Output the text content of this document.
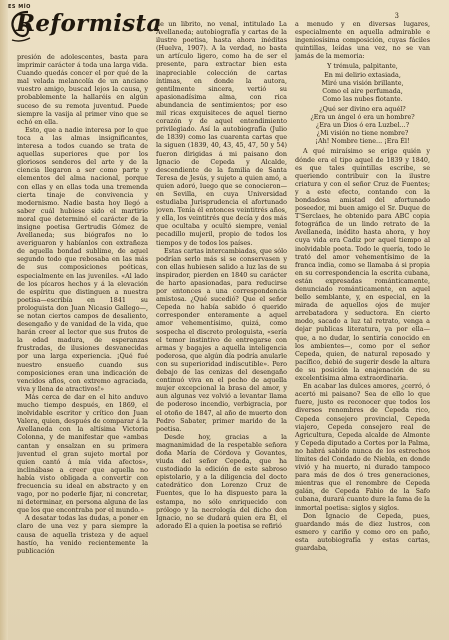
ES MÍO
Reformista	3

presión de adolescentes, basta para imprimir carácter á toda una larga vida. Cuando quedás concer el por qué de la mal velada melancolía de un anciano vuestro amigo, buscad lejos la causa, y probablemente la hallaréis en algún suceso de su remota juventud. Puede siempre la vasija al primer vino que se echó en ella.

Esto, que a nadie interesa por lo que toca a las almas insignificantes, interesa a todos cuando se trata de aquellas superiores que por los gloriosos senderos del arte y de la ciencia llegaron a ser como parte y elementos del alma nacional, porque con ellas y en ellas toda una tremenda cierta tinaje de convivencia y modernismo. Nadie basta hoy llegó a saber cuál hubiese sido el martirio moral que determinó el carácter de la insigne poetisa Gertrudis Gómez de Avellaneda; sus biógrafos no lo averiguaron y habíanlos con extrañeza de aquella bondad sublime, de aquel segundo todo que rebosaba en las más de sus composiciones poéticas, especialmente en las juveniles. «Al lado de los pícaros hechos y á la elevación de espíritu que distinguen a nuestra poetisa—escribía en 1841 su prologuista don Juan Nicasio Gallego—, se notan ciertos campos de desaliento, desengaño y de vanidad de la vida, que harán creer al lector que sus frutos de la edad madura, de esperanzas frustradas, de ilusiones desvanecidas por una larga experiencia. ¡Qué fué nuestro ensueño cuando sus composiciones eran una indicación de vencidos afios, con extremo agraciada, viva y llena de atractivos!»

Más cerca de dar en el hito anduvo mucho tiempo después, en 1869, el inolvidable escritor y crítico don Juan Valera, quien, después de comparar á la Avellaneda con la altísima Victoria Colonna, y de manifestar que «ambas cantan y ensalzan en su primera juventud el gran sujeto mortal por quien cantó á mía vida afectos», inclinábase a creer que aquella no había visto obligada a convertir con frecuencia su ideal en abstracto y en vago, por no poderle fijar, ni concretar, ni determinar, en persona alguna de las que los que encontraba por el mundo.»

A desatar todas las dudas, a poner en claro de una vez y para siempre la causa de aquella tristeza y de aquel hastío, ha venido recientemente la publicación

de un librito, no venal, intitulado La Avellaneda; autobiografía y cartas de la ilustre poetisa, hasta ahora inéditas (Huelva, 1907). A la verdad, no basta un artículo ligero, como ha de ser el presente, para extractar bien esta inapreciable colección de cartas íntimas, en donde la autora, gentilmente sincera, vertió su apasionadísima alma, con rica abundancia de sentimientos; por eso mil ricas exquisiteces de aquel tierno corazón y de aquel entendimiento privilegiado. Así la autobiografía (Julio de 1839) como las cuarenta cartas que la siguen (1839, 40, 43, 45, 47, 50 y 54) fueron dirigidas á mi paisano don Ignacio de Cepeda y Alcalde, descendiente de la familia de Santa Teresa de Jesús, y sujeto a quien amó, a quien adoró, luego que se conocieron—en Sevilla, en cuya Universidad estudiaba Jurisprudencia el afortunado joven. Tenía él entonces veintitrés años, y ella, los veintitrés que decía y dos más que ocultaba y ocultó siempre, venial pecadillo mujeril, propio de todos los tiempos y de todos los países.

Estas cartas intercambiadas, que sólo podrían serlo más si se conservasen y con ellas hubiesen salido a luz las de su inspirador, pierden en 1840 su carácter de harto apasionadas, para reducirse por entonces a una correspondencia amistosa. ¿Qué sucedió? Que el señor Cepeda no había sabido ó querido corresponder enteramente a aquel amor vehementísimo, quizá, como sospecha el discreto prologuista, «sería el temor instintivo de entregarse con armas y bagajes a aquella inteligencia poderosa, que algún día podría anularle con su superioridad indiscutible». Pero debajo de las cenizas del desengaño continuó viva en el pecho de aquella mujer excepcional la brasa del amor, y aun algunas vez volvió a levantar llama de poderoso incendio, verbigracia, por el otoño de 1847, al año de muerto don Pedro Sabater, primer marido de la poetisa.

Desde hoy, gracias a la magnanimidad de la respetable señora doña María de Córdova y Govantes, viuda del señor Cepeda, que ha custodiado la edición de este sabroso epistolario, y a la diligencia del docto catedrático don Lorenzo Cruz de Fuentes, que lo ha dispuesto para la estampa, no sólo enriquecido con prólogo y la necrología del dicho don Ignacio, no se dudará quien era Él, el adorado Él a quien la poetisa se refirió

a menudo y en diversas lugares, especialmente en aquella admirable e ingeniosísima composición, cuyas fáciles quintillas, leídas una vez, no se van jamás de la memoria:

Y trémula, palpitante,

En mi delirio extasiada,

Miré una visión brillante,

Como el aire perfumada,

Como las nubes flotante.

¿Qué ser divino era aquél?

¿Era un ángel ó era un hombre?

¿Era un Dios ó era Luzbel...?

¿Mi visión no tiene nombre?

¡Ah! Nombre tiene... ¡Era Él!

A qué miraísimo se erige quién y dónde era el tipo aquel de 1839 y 1840, es que tales quintillas escribe, se queriendo contribuir con la ilustre criatura y con el señor Cruz de Fuentes; y a este efecto, contando con la bondadosa amistad del afortunado poseedor, mi buen amigo el Sr. Duque de T'Serclaes, he obtenido para ABC copia fotográfica de un lindo retrato de la Avellaneda, inédito hasta ahora, y hoy cuya vida era Cadiz por aquel tiempo al inolvidable poeta. Todo le quería, todo le trató del amor vehementísimo de la franca india, como se llamaba á si propia en su correspondencia la escrita cubana, están expresadas románticamente, denunciado románticamente, en aquel bello semblante, y, en especial, en la mirada de aquellos ojos de mujer arrebatadora y seductora. En cierto modo, sacado a luz tal retrato, venga a dejar publicas literatura, ya por ella—que, a no dudar, lo sentiría conocido en los ambientes—, como por el señor Cepeda, quien, de natural reposado y pacífico, debió de sugerir desde la altura de su posición la enajenación de su excelentísima alma extraordinaria.

En acabar las dulces amores, ¿cerró, ó acertó mi paisano? Sea de ello lo que fuere, justo es reconocer que todos los diversos renombres de Cepeda rico, Cepeda consejero provincial, Cepeda viajero, Cepeda consejero real de Agricultura, Cepeda alcalde de Almonte y Cepeda diputado a Cortes por la Palma, no habrá sabido nunca de los estrechos límites del Condado de Niebla, en donde vivió y ha muerto, ni durado tampoco para más de dos ó tres generaciones, mientras que el renombre de Cepeda galán, de Cepeda Fabio de la Safo cubana, durará cuanto dure la fama de la inmortal poetisa: siglos y siglos.

Don Ignacio de Cepeda, pues, guardando más de diez lustros, con esmero y cariño y como oro en paño, esta autobiografía y estas cartas, guardaba,
